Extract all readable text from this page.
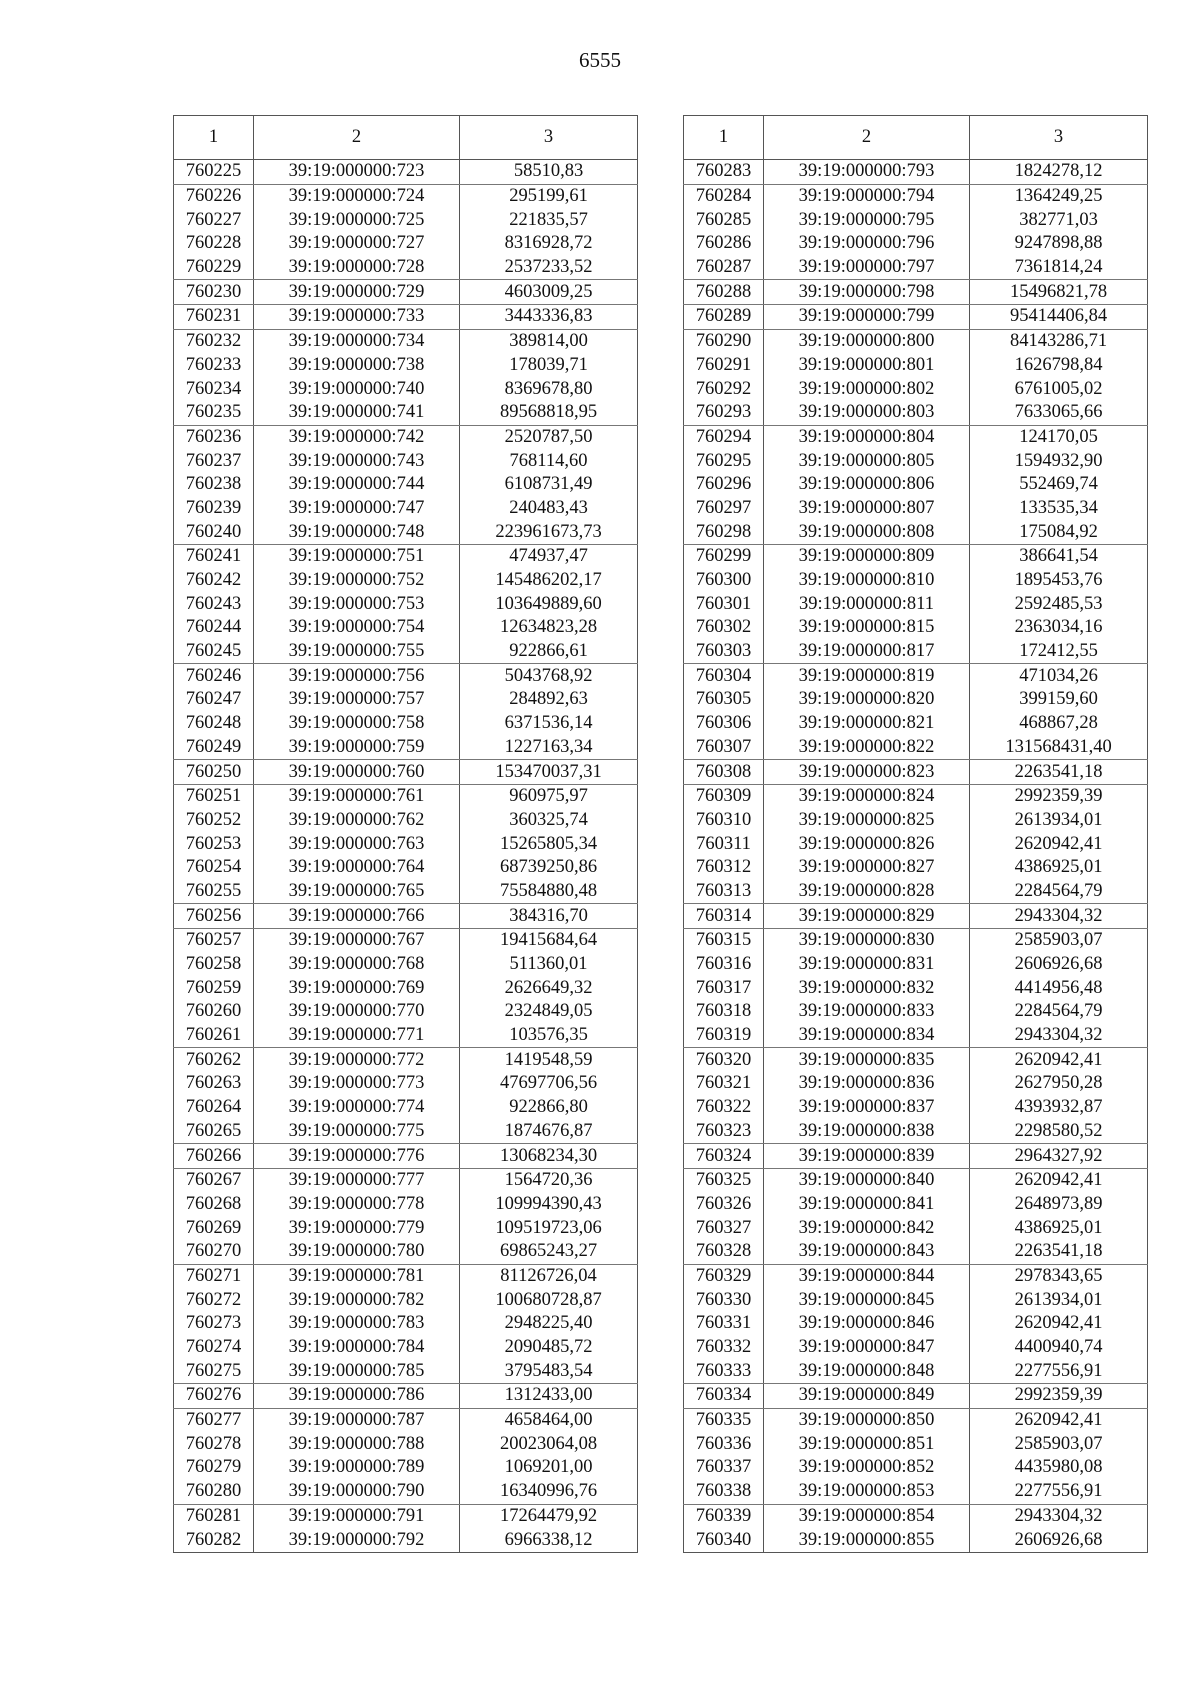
6555
1	2	3
760225	39:19:000000:723	58510,83
760226	39:19:000000:724	295199,61
760227	39:19:000000:725	221835,57
760228	39:19:000000:727	8316928,72
760229	39:19:000000:728	2537233,52
760230	39:19:000000:729	4603009,25
760231	39:19:000000:733	3443336,83
760232	39:19:000000:734	389814,00
760233	39:19:000000:738	178039,71
760234	39:19:000000:740	8369678,80
760235	39:19:000000:741	89568818,95
760236	39:19:000000:742	2520787,50
760237	39:19:000000:743	768114,60
760238	39:19:000000:744	6108731,49
760239	39:19:000000:747	240483,43
760240	39:19:000000:748	223961673,73
760241	39:19:000000:751	474937,47
760242	39:19:000000:752	145486202,17
760243	39:19:000000:753	103649889,60
760244	39:19:000000:754	12634823,28
760245	39:19:000000:755	922866,61
760246	39:19:000000:756	5043768,92
760247	39:19:000000:757	284892,63
760248	39:19:000000:758	6371536,14
760249	39:19:000000:759	1227163,34
760250	39:19:000000:760	153470037,31
760251	39:19:000000:761	960975,97
760252	39:19:000000:762	360325,74
760253	39:19:000000:763	15265805,34
760254	39:19:000000:764	68739250,86
760255	39:19:000000:765	75584880,48
760256	39:19:000000:766	384316,70
760257	39:19:000000:767	19415684,64
760258	39:19:000000:768	511360,01
760259	39:19:000000:769	2626649,32
760260	39:19:000000:770	2324849,05
760261	39:19:000000:771	103576,35
760262	39:19:000000:772	1419548,59
760263	39:19:000000:773	47697706,56
760264	39:19:000000:774	922866,80
760265	39:19:000000:775	1874676,87
760266	39:19:000000:776	13068234,30
760267	39:19:000000:777	1564720,36
760268	39:19:000000:778	109994390,43
760269	39:19:000000:779	109519723,06
760270	39:19:000000:780	69865243,27
760271	39:19:000000:781	81126726,04
760272	39:19:000000:782	100680728,87
760273	39:19:000000:783	2948225,40
760274	39:19:000000:784	2090485,72
760275	39:19:000000:785	3795483,54
760276	39:19:000000:786	1312433,00
760277	39:19:000000:787	4658464,00
760278	39:19:000000:788	20023064,08
760279	39:19:000000:789	1069201,00
760280	39:19:000000:790	16340996,76
760281	39:19:000000:791	17264479,92
760282	39:19:000000:792	6966338,12
1	2	3
760283	39:19:000000:793	1824278,12
760284	39:19:000000:794	1364249,25
760285	39:19:000000:795	382771,03
760286	39:19:000000:796	9247898,88
760287	39:19:000000:797	7361814,24
760288	39:19:000000:798	15496821,78
760289	39:19:000000:799	95414406,84
760290	39:19:000000:800	84143286,71
760291	39:19:000000:801	1626798,84
760292	39:19:000000:802	6761005,02
760293	39:19:000000:803	7633065,66
760294	39:19:000000:804	124170,05
760295	39:19:000000:805	1594932,90
760296	39:19:000000:806	552469,74
760297	39:19:000000:807	133535,34
760298	39:19:000000:808	175084,92
760299	39:19:000000:809	386641,54
760300	39:19:000000:810	1895453,76
760301	39:19:000000:811	2592485,53
760302	39:19:000000:815	2363034,16
760303	39:19:000000:817	172412,55
760304	39:19:000000:819	471034,26
760305	39:19:000000:820	399159,60
760306	39:19:000000:821	468867,28
760307	39:19:000000:822	131568431,40
760308	39:19:000000:823	2263541,18
760309	39:19:000000:824	2992359,39
760310	39:19:000000:825	2613934,01
760311	39:19:000000:826	2620942,41
760312	39:19:000000:827	4386925,01
760313	39:19:000000:828	2284564,79
760314	39:19:000000:829	2943304,32
760315	39:19:000000:830	2585903,07
760316	39:19:000000:831	2606926,68
760317	39:19:000000:832	4414956,48
760318	39:19:000000:833	2284564,79
760319	39:19:000000:834	2943304,32
760320	39:19:000000:835	2620942,41
760321	39:19:000000:836	2627950,28
760322	39:19:000000:837	4393932,87
760323	39:19:000000:838	2298580,52
760324	39:19:000000:839	2964327,92
760325	39:19:000000:840	2620942,41
760326	39:19:000000:841	2648973,89
760327	39:19:000000:842	4386925,01
760328	39:19:000000:843	2263541,18
760329	39:19:000000:844	2978343,65
760330	39:19:000000:845	2613934,01
760331	39:19:000000:846	2620942,41
760332	39:19:000000:847	4400940,74
760333	39:19:000000:848	2277556,91
760334	39:19:000000:849	2992359,39
760335	39:19:000000:850	2620942,41
760336	39:19:000000:851	2585903,07
760337	39:19:000000:852	4435980,08
760338	39:19:000000:853	2277556,91
760339	39:19:000000:854	2943304,32
760340	39:19:000000:855	2606926,68
